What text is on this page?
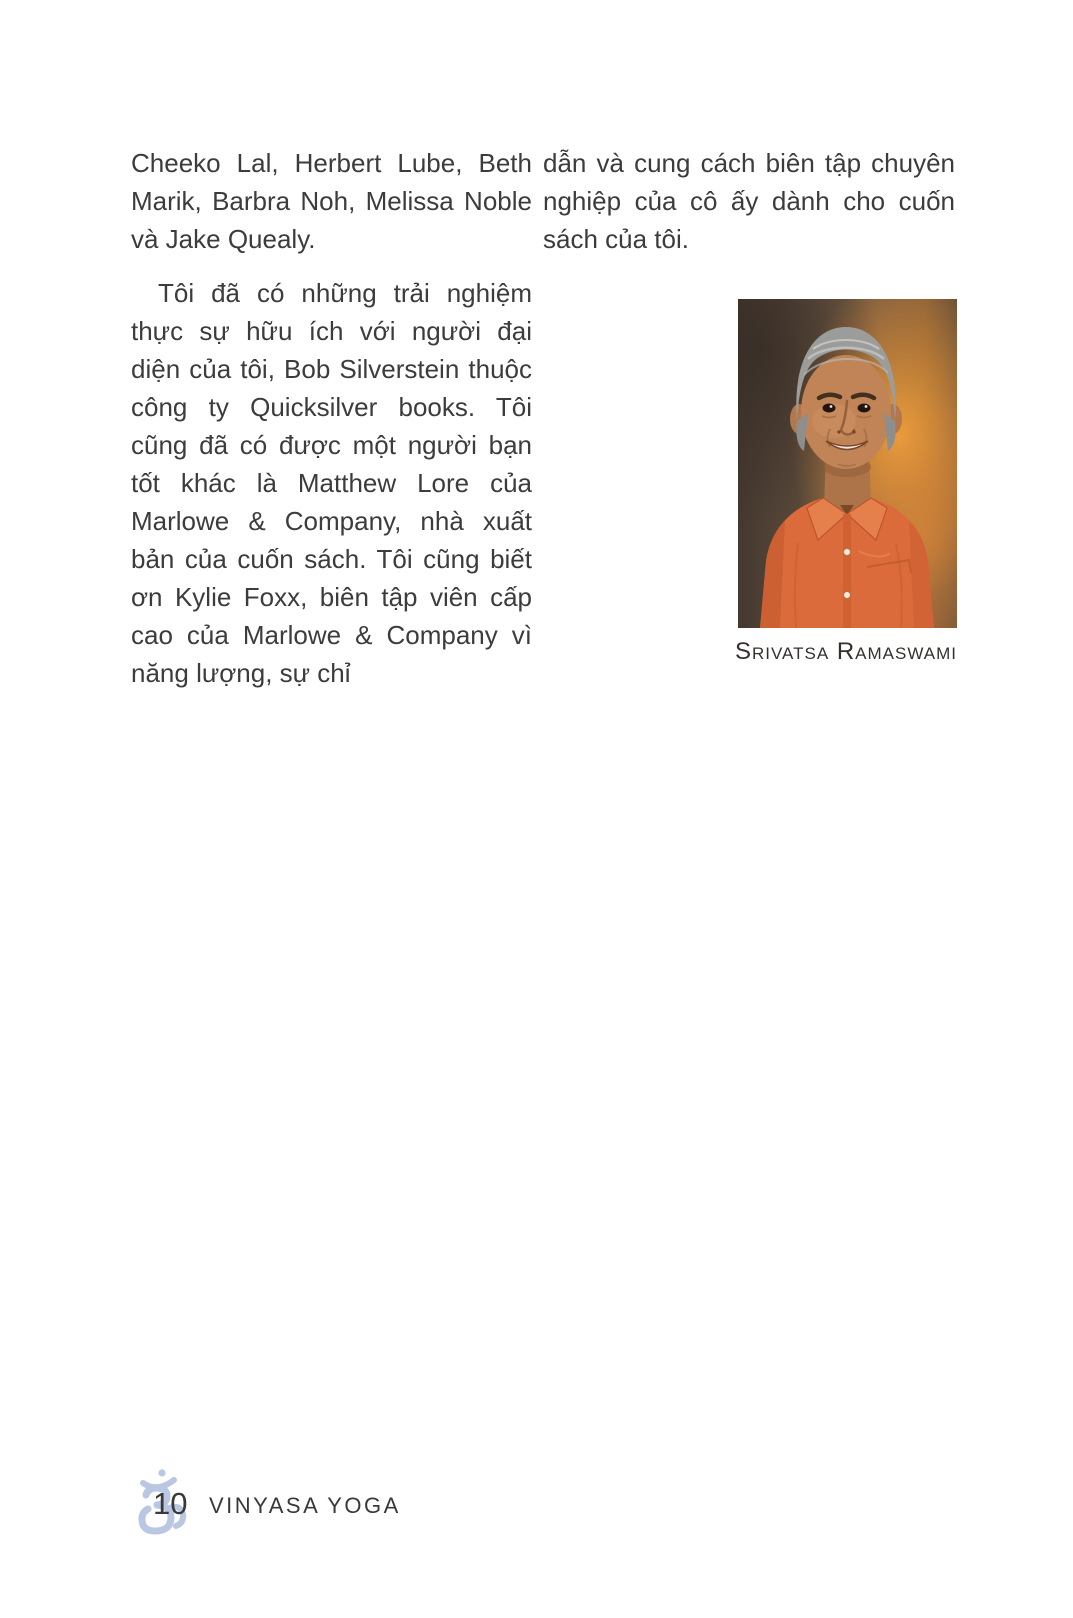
Cheeko Lal, Herbert Lube, Beth Marik, Barbra Noh, Melissa Noble và Jake Quealy.

Tôi đã có những trải nghiệm thực sự hữu ích với người đại diện của tôi, Bob Silverstein thuộc công ty Quicksilver books. Tôi cũng đã có được một người bạn tốt khác là Matthew Lore của Marlowe & Company, nhà xuất bản của cuốn sách. Tôi cũng biết ơn Kylie Foxx, biên tập viên cấp cao của Marlowe & Company vì năng lượng, sự chỉ

dẫn và cung cách biên tập chuyên nghiệp của cô ấy dành cho cuốn sách của tôi.

Srivatsa Ramaswami
10 VINYASA YOGA
